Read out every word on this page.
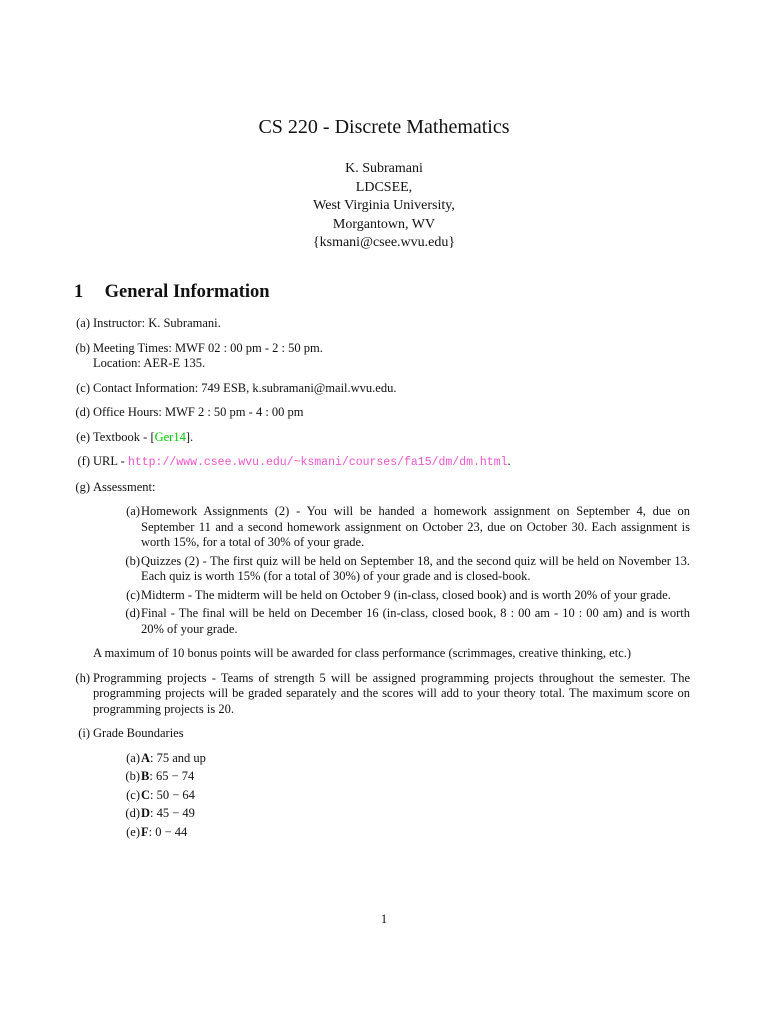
CS 220 - Discrete Mathematics
K. Subramani
LDCSEE,
West Virginia University,
Morgantown, WV
{ksmani@csee.wvu.edu}
1 General Information
(a) Instructor: K. Subramani.
(b) Meeting Times: MWF 02 : 00 pm - 2 : 50 pm.
Location: AER-E 135.
(c) Contact Information: 749 ESB, k.subramani@mail.wvu.edu.
(d) Office Hours: MWF 2 : 50 pm - 4 : 00 pm
(e) Textbook - [Ger14].
(f) URL - http://www.csee.wvu.edu/~ksmani/courses/fa15/dm/dm.html.
(g) Assessment:
(a) Homework Assignments (2) - You will be handed a homework assignment on September 4, due on September 11 and a second homework assignment on October 23, due on October 30. Each assignment is worth 15%, for a total of 30% of your grade.
(b) Quizzes (2) - The first quiz will be held on September 18, and the second quiz will be held on November 13. Each quiz is worth 15% (for a total of 30%) of your grade and is closed-book.
(c) Midterm - The midterm will be held on October 9 (in-class, closed book) and is worth 20% of your grade.
(d) Final - The final will be held on December 16 (in-class, closed book, 8 : 00 am - 10 : 00 am) and is worth 20% of your grade.
A maximum of 10 bonus points will be awarded for class performance (scrimmages, creative thinking, etc.)
(h) Programming projects - Teams of strength 5 will be assigned programming projects throughout the semester. The programming projects will be graded separately and the scores will add to your theory total. The maximum score on programming projects is 20.
(i) Grade Boundaries
(a) A: 75 and up
(b) B: 65 − 74
(c) C: 50 − 64
(d) D: 45 − 49
(e) F: 0 − 44
1
